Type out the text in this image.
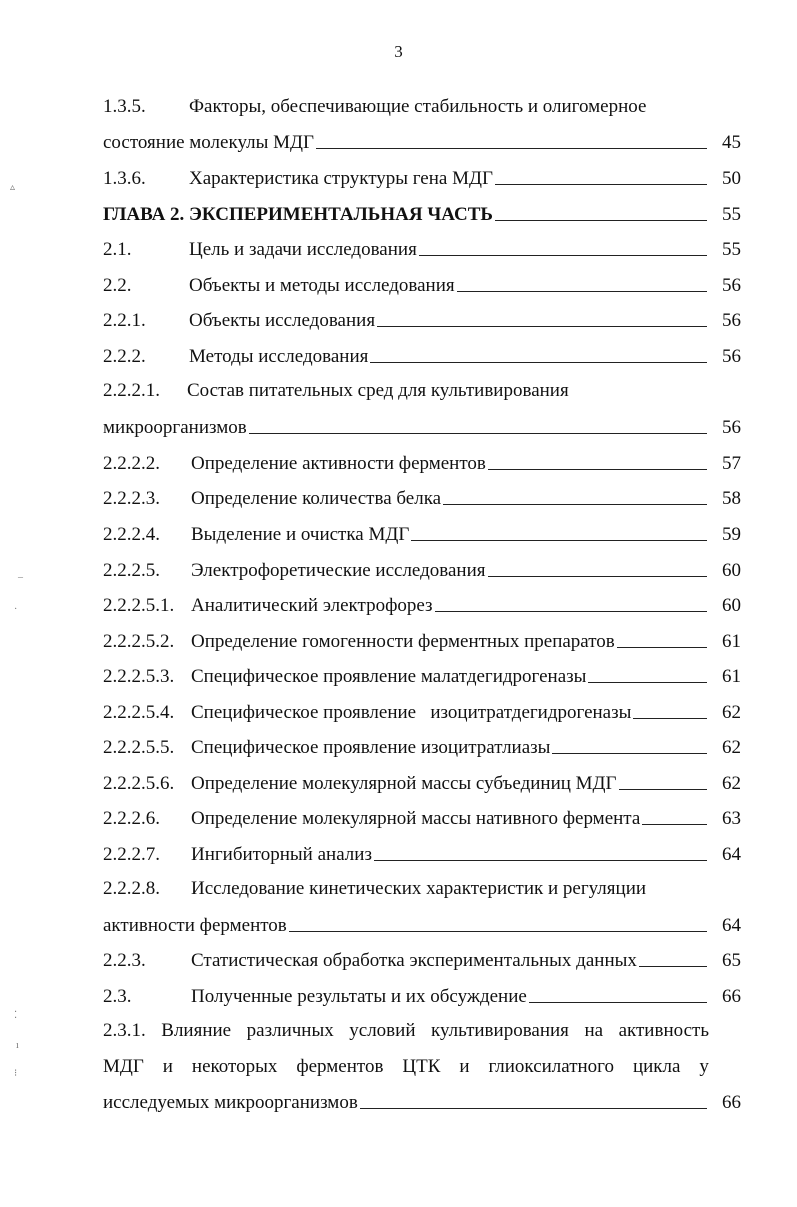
3
1.3.5. Факторы, обеспечивающие стабильность и олигомерное
состояние молекулы МДГ	45
1.3.6.	Характеристика структуры гена МДГ	50
ГЛАВА 2. ЭКСПЕРИМЕНТАЛЬНАЯ ЧАСТЬ	55
2.1.	Цель и задачи исследования	55
2.2.	Объекты и методы исследования	56
2.2.1.	Объекты исследования	56
2.2.2.	Методы исследования	56
2.2.2.1. Состав питательных сред для культивирования
микроорганизмов	56
2.2.2.2.	Определение активности ферментов	57
2.2.2.3.	Определение количества белка	58
2.2.2.4.	Выделение и очистка МДГ	59
2.2.2.5.	Электрофоретические исследования	60
2.2.2.5.1. Аналитический электрофорез	60
2.2.2.5.2. Определение гомогенности ферментных препаратов	61
2.2.2.5.3. Специфическое проявление малатдегидрогеназы	61
2.2.2.5.4. Специфическое проявление   изоцитратдегидрогеназы	62
2.2.2.5.5. Специфическое проявление изоцитратлиазы	62
2.2.2.5.6. Определение молекулярной массы субъединиц МДГ	62
2.2.2.6.	Определение молекулярной массы нативного фермента	63
2.2.2.7.	Ингибиторный анализ	64
2.2.2.8. Исследование кинетических характеристик и регуляции
активности ферментов	64
2.2.3.	Статистическая обработка экспериментальных данных	65
2.3.	Полученные результаты и их обсуждение	66
2.3.1. Влияние различных условий культивирования на активность
МДГ и некоторых ферментов ЦТК и глиоксилатного цикла у
исследуемых микроорганизмов	66
▵
–
·
⁚
ı
⁝
